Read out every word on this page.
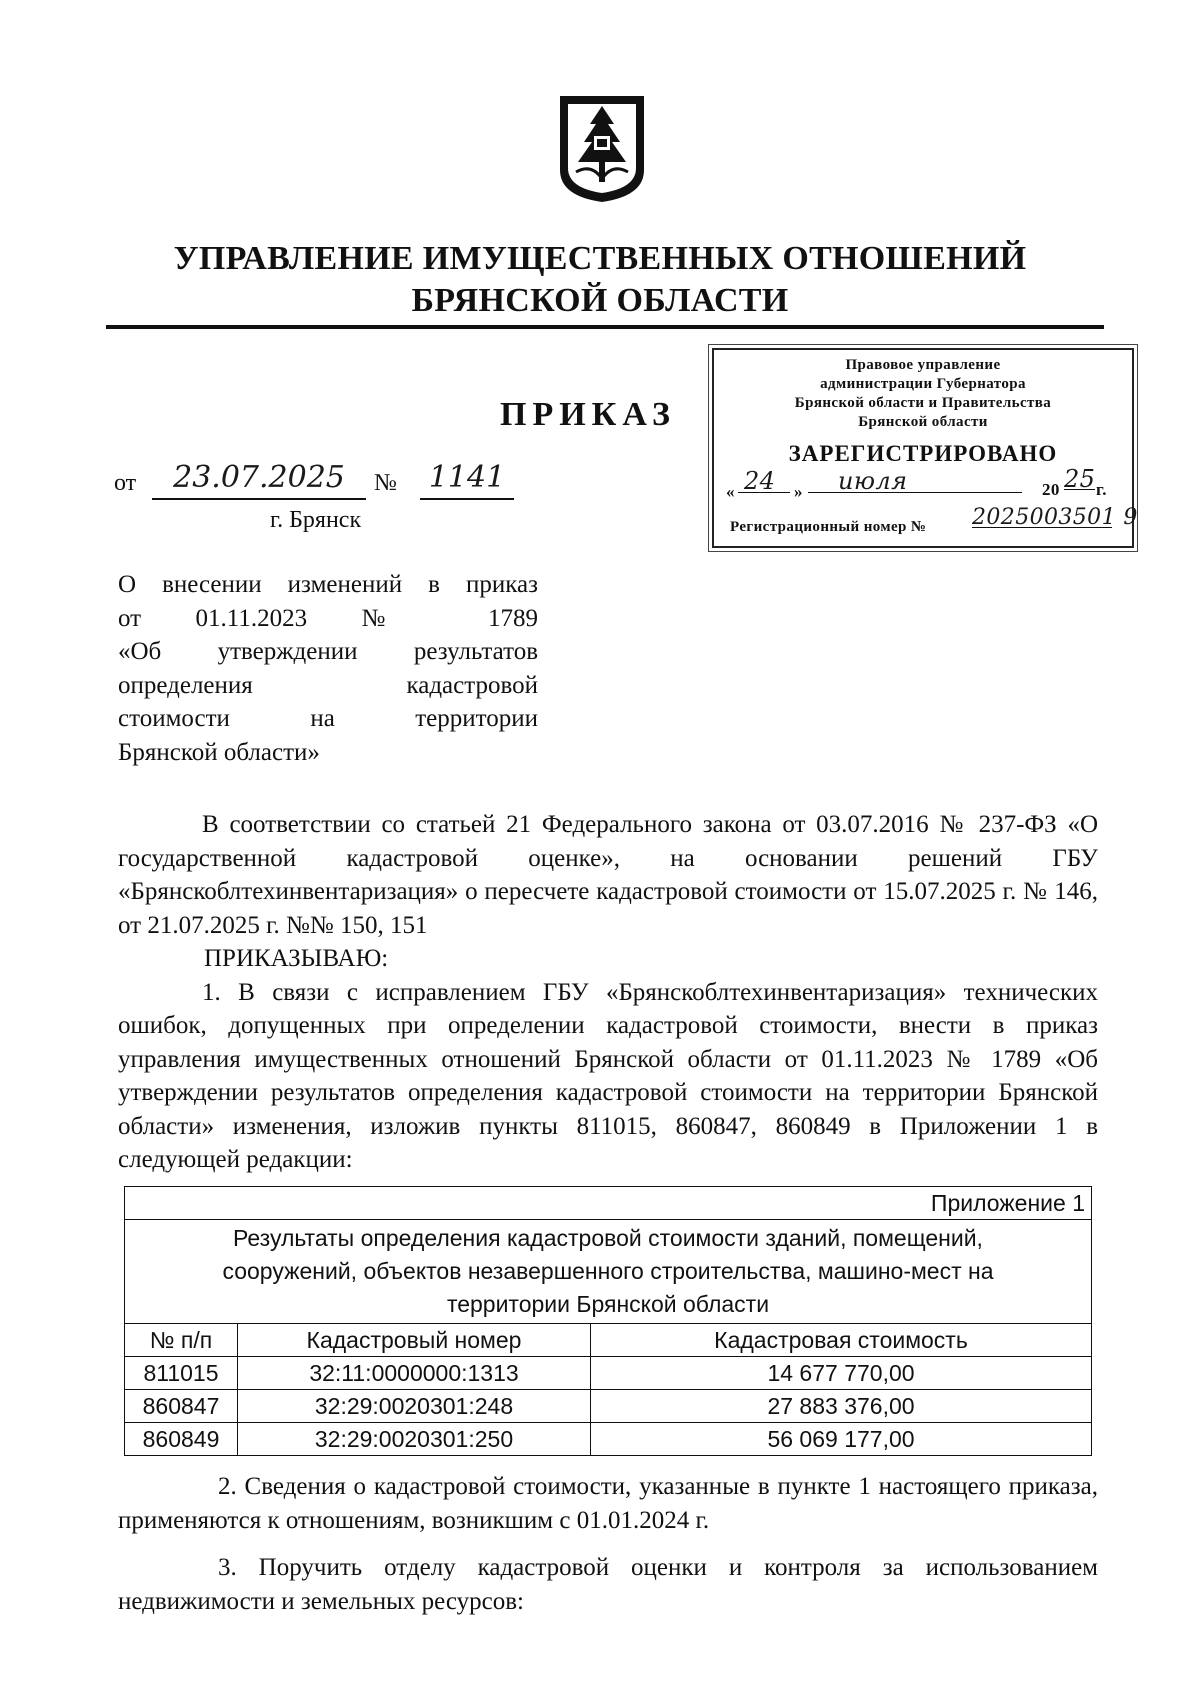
УПРАВЛЕНИЕ ИМУЩЕСТВЕННЫХ ОТНОШЕНИЙ
БРЯНСКОЙ ОБЛАСТИ
Правовое управление
администрации Губернатора
Брянской области и Правительства
Брянской области
ЗАРЕГИСТРИРОВАНО
« 24 » июля	20 25 г.
Регистрационный номер № 2025003501 9
ПРИКАЗ
от	23.07.2025	№ 1141
г. Брянск
О внесении изменений в приказ
от 01.11.2023 № 1789
«Об утверждении результатов
определения кадастровой
стоимости на территории
Брянской области»

В соответствии со статьей 21 Федерального закона от 03.07.2016 № 237-ФЗ «О государственной кадастровой оценке», на основании решений ГБУ «Брянскоблтехинвентаризация» о пересчете кадастровой стоимости от 15.07.2025 г. № 146, от 21.07.2025 г. №№ 150, 151

ПРИКАЗЫВАЮ:

1. В связи с исправлением ГБУ «Брянскоблтехинвентаризация» технических ошибок, допущенных при определении кадастровой стоимости, внести в приказ управления имущественных отношений Брянской области от 01.11.2023 № 1789 «Об утверждении результатов определения кадастровой стоимости на территории Брянской области» изменения, изложив пункты 811015, 860847, 860849 в Приложении 1 в следующей редакции:

Приложение 1		

Результаты определения кадастровой стоимости зданий, помещений,
сооружений, объектов незавершенного строительства, машино-мест на
территории Брянской области		

№ п/п	Кадастровый номер	Кадастровая стоимость
811015	32:11:0000000:1313	14 677 770,00
860847	32:29:0020301:248	27 883 376,00
860849	32:29:0020301:250	56 069 177,00

2. Сведения о кадастровой стоимости, указанные в пункте 1 настоящего приказа, применяются к отношениям, возникшим с 01.01.2024 г.

3. Поручить отделу кадастровой оценки и контроля за использованием недвижимости и земельных ресурсов:
